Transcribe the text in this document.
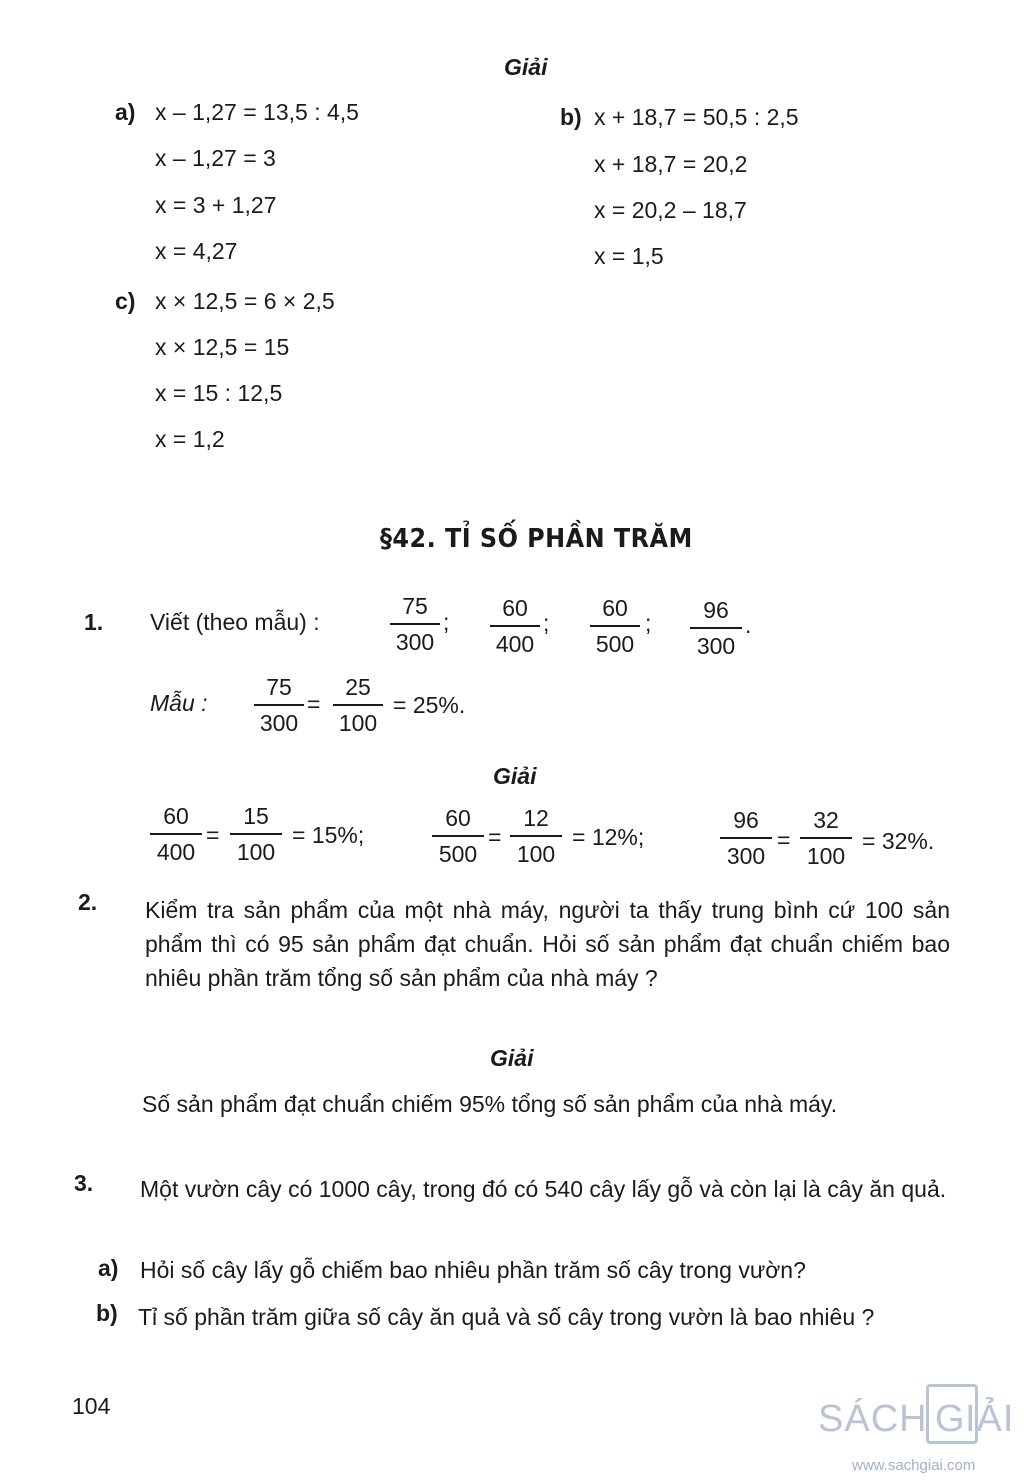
Giải
a) x – 1,27 = 13,5 : 4,5
x – 1,27 = 3
x = 3 + 1,27
x = 4,27
b) x + 18,7 = 50,5 : 2,5
x + 18,7 = 20,2
x = 20,2 – 18,7
x = 1,5
c) x × 12,5 = 6 × 2,5
x × 12,5 = 15
x = 15 : 12,5
x = 1,2
§42. TỈ SỐ PHẦN TRĂM
1. Viết (theo mẫu) :
75
300
;
60
400
;
60
500
; 96
300
.
Mẫu :
75
300
=
25
100
= 25%.
Giải
60
400
=
15
100
= 15%;
60
500
=
12
100
= 12%;
96
300
=
32
100
= 32%.
2. Kiểm tra sản phẩm của một nhà máy, người ta thấy trung bình cứ 100 sản phẩm thì có 95 sản phẩm đạt chuẩn. Hỏi số sản phẩm đạt chuẩn chiếm bao nhiêu phần trăm tổng số sản phẩm của nhà máy ?
Giải
Số sản phẩm đạt chuẩn chiếm 95% tổng số sản phẩm của nhà máy.
3. Một vườn cây có 1000 cây, trong đó có 540 cây lấy gỗ và còn lại là cây ăn quả.
a) Hỏi số cây lấy gỗ chiếm bao nhiêu phần trăm số cây trong vườn?
b) Tỉ số phần trăm giữa số cây ăn quả và số cây trong vườn là bao nhiêu ?
104	SÁCH G IẢI
www.sachgiai.com
